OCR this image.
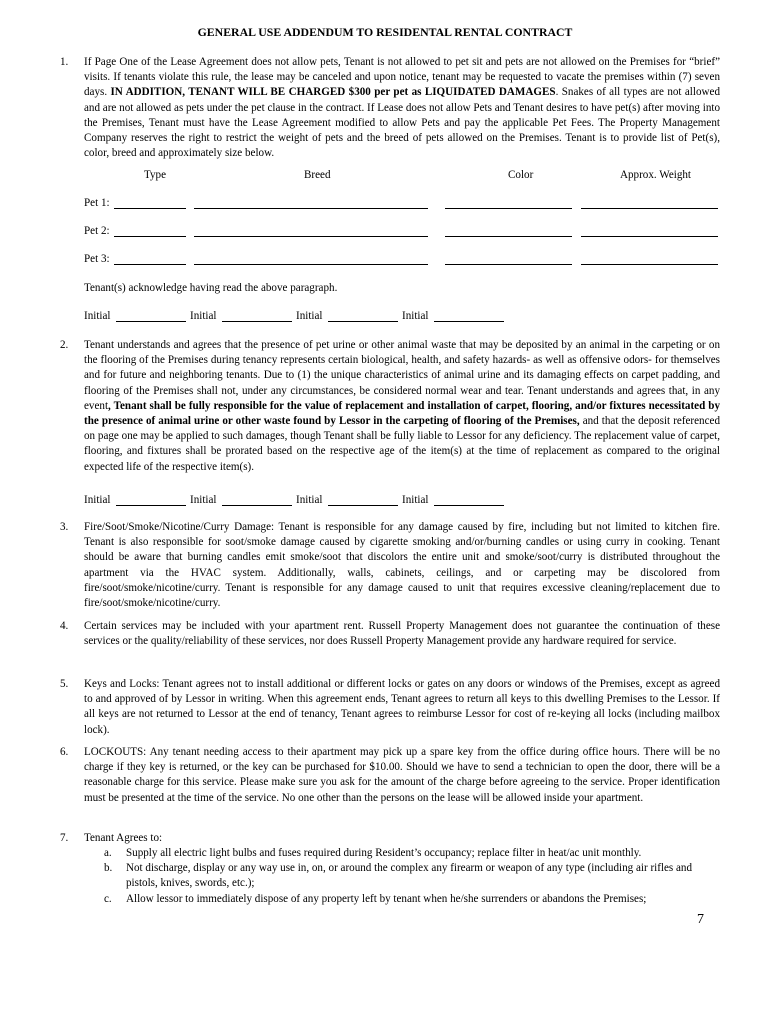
GENERAL USE ADDENDUM TO RESIDENTAL RENTAL CONTRACT
1. If Page One of the Lease Agreement does not allow pets, Tenant is not allowed to pet sit and pets are not allowed on the Premises for “brief” visits. If tenants violate this rule, the lease may be canceled and upon notice, tenant may be requested to vacate the premises within (7) seven days. IN ADDITION, TENANT WILL BE CHARGED $300 per pet as LIQUIDATED DAMAGES. Snakes of all types are not allowed and are not allowed as pets under the pet clause in the contract. If Lease does not allow Pets and Tenant desires to have pet(s) after moving into the Premises, Tenant must have the Lease Agreement modified to allow Pets and pay the applicable Pet Fees. The Property Management Company reserves the right to restrict the weight of pets and the breed of pets allowed on the Premises. Tenant is to provide list of Pet(s), color, breed and approximately size below.
Type	Breed	Color	Approx. Weight
Pet 1:
Pet 2:
Pet 3:
Tenant(s) acknowledge having read the above paragraph.
Initial	Initial	Initial	Initial
2. Tenant understands and agrees that the presence of pet urine or other animal waste that may be deposited by an animal in the carpeting or on the flooring of the Premises during tenancy represents certain biological, health, and safety hazards- as well as offensive odors- for themselves and for future and neighboring tenants. Due to (1) the unique characteristics of animal urine and its damaging effects on carpet padding, and flooring of the Premises shall not, under any circumstances, be considered normal wear and tear. Tenant understands and agrees that, in any event, Tenant shall be fully responsible for the value of replacement and installation of carpet, flooring, and/or fixtures necessitated by the presence of animal urine or other waste found by Lessor in the carpeting of flooring of the Premises, and that the deposit referenced on page one may be applied to such damages, though Tenant shall be fully liable to Lessor for any deficiency. The replacement value of carpet, flooring, and fixtures shall be prorated based on the respective age of the item(s) at the time of replacement as compared to the original expected life of the respective item(s).
Initial	Initial	Initial	Initial
3. Fire/Soot/Smoke/Nicotine/Curry Damage: Tenant is responsible for any damage caused by fire, including but not limited to kitchen fire. Tenant is also responsible for soot/smoke damage caused by cigarette smoking and/or/burning candles or using curry in cooking. Tenant should be aware that burning candles emit smoke/soot that discolors the entire unit and smoke/soot/curry is distributed throughout the apartment via the HVAC system. Additionally, walls, cabinets, ceilings, and or carpeting may be discolored from fire/soot/smoke/nicotine/curry. Tenant is responsible for any damage caused to unit that requires excessive cleaning/replacement due to fire/soot/smoke/nicotine/curry.
4. Certain services may be included with your apartment rent. Russell Property Management does not guarantee the continuation of these services or the quality/reliability of these services, nor does Russell Property Management provide any hardware required for service.
5. Keys and Locks: Tenant agrees not to install additional or different locks or gates on any doors or windows of the Premises, except as agreed to and approved of by Lessor in writing. When this agreement ends, Tenant agrees to return all keys to this dwelling Premises to the Lessor. If all keys are not returned to Lessor at the end of tenancy, Tenant agrees to reimburse Lessor for cost of re-keying all locks (including mailbox lock).
6. LOCKOUTS: Any tenant needing access to their apartment may pick up a spare key from the office during office hours. There will be no charge if they key is returned, or the key can be purchased for $10.00. Should we have to send a technician to open the door, there will be a reasonable charge for this service. Please make sure you ask for the amount of the charge before agreeing to the service. Proper identification must be presented at the time of the service. No one other than the persons on the lease will be allowed inside your apartment.
7. Tenant Agrees to:
a. Supply all electric light bulbs and fuses required during Resident’s occupancy; replace filter in heat/ac unit monthly.
b. Not discharge, display or any way use in, on, or around the complex any firearm or weapon of any type (including air rifles and pistols, knives, swords, etc.);
c. Allow lessor to immediately dispose of any property left by tenant when he/she surrenders or abandons the Premises;
7
